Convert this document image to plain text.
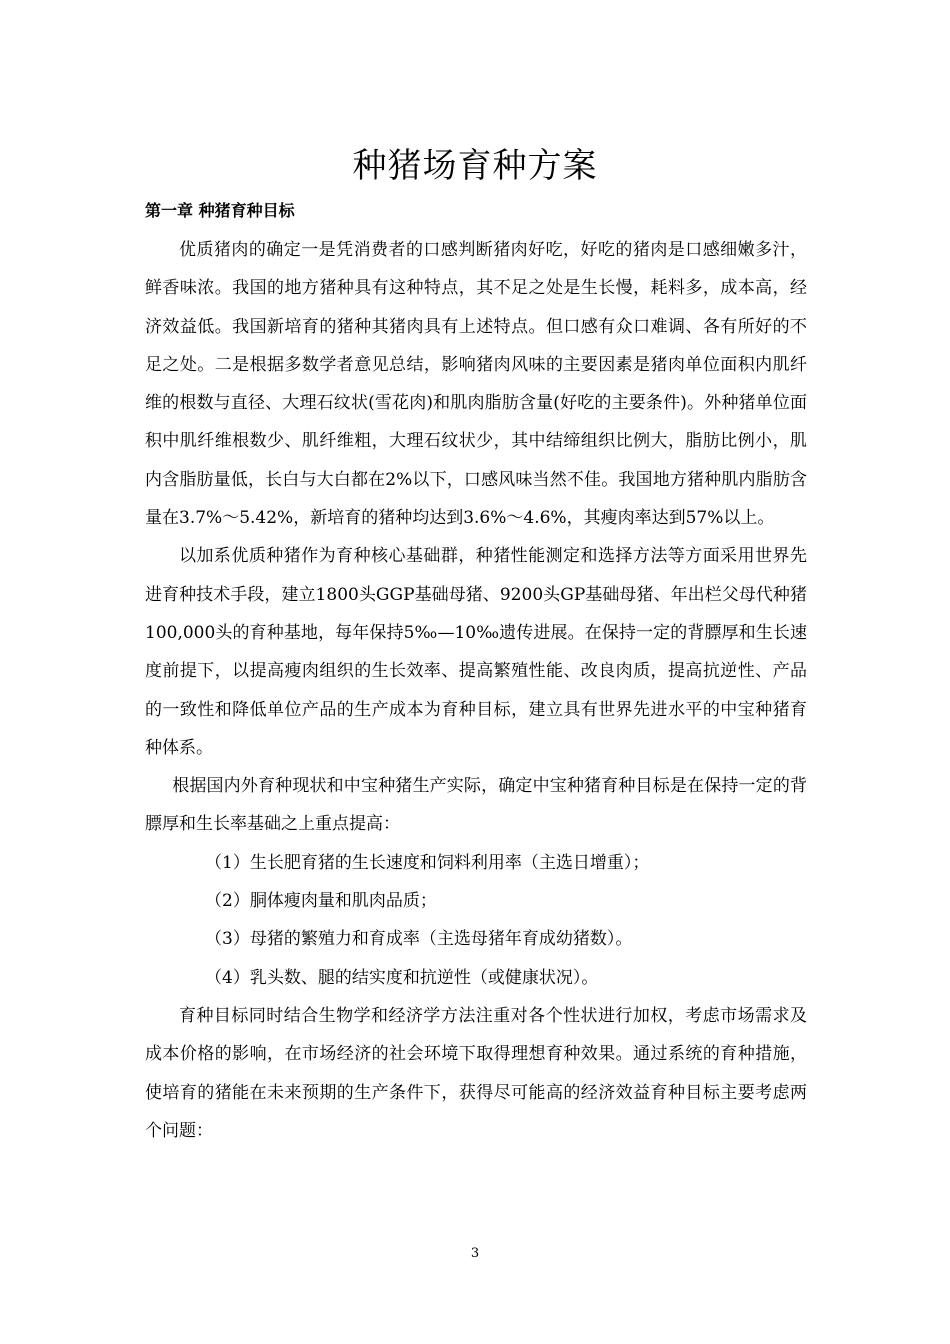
种猪场育种方案
第一章 种猪育种目标

优质猪肉的确定一是凭消费者的口感判断猪肉好吃，好吃的猪肉是口感细嫩多汁，鲜香味浓。我国的地方猪种具有这种特点，其不足之处是生长慢，耗料多，成本高，经济效益低。我国新培育的猪种其猪肉具有上述特点。但口感有众口难调、各有所好的不足之处。二是根据多数学者意见总结，影响猪肉风味的主要因素是猪肉单位面积内肌纤维的根数与直径、大理石纹状(雪花肉)和肌肉脂肪含量(好吃的主要条件)。外种猪单位面积中肌纤维根数少、肌纤维粗，大理石纹状少，其中结缔组织比例大，脂肪比例小，肌内含脂肪量低，长白与大白都在2%以下，口感风味当然不佳。我国地方猪种肌内脂肪含量在3.7%～5.42%，新培育的猪种均达到3.6%～4.6%，其瘦肉率达到57%以上。

以加系优质种猪作为育种核心基础群，种猪性能测定和选择方法等方面采用世界先进育种技术手段，建立1800头GGP基础母猪、9200头GP基础母猪、年出栏父母代种猪100,000头的育种基地，每年保持5‰—10‰遗传进展。在保持一定的背膘厚和生长速度前提下，以提高瘦肉组织的生长效率、提高繁殖性能、改良肉质，提高抗逆性、产品的一致性和降低单位产品的生产成本为育种目标，建立具有世界先进水平的中宝种猪育种体系。

根据国内外育种现状和中宝种猪生产实际，确定中宝种猪育种目标是在保持一定的背膘厚和生长率基础之上重点提高：

（1）生长肥育猪的生长速度和饲料利用率（主选日增重）；

（2）胴体瘦肉量和肌肉品质；

（3）母猪的繁殖力和育成率（主选母猪年育成幼猪数）。

（4）乳头数、腿的结实度和抗逆性（或健康状况）。

育种目标同时结合生物学和经济学方法注重对各个性状进行加权，考虑市场需求及成本价格的影响，在市场经济的社会环境下取得理想育种效果。通过系统的育种措施，使培育的猪能在未来预期的生产条件下，获得尽可能高的经济效益育种目标主要考虑两个问题：

3
